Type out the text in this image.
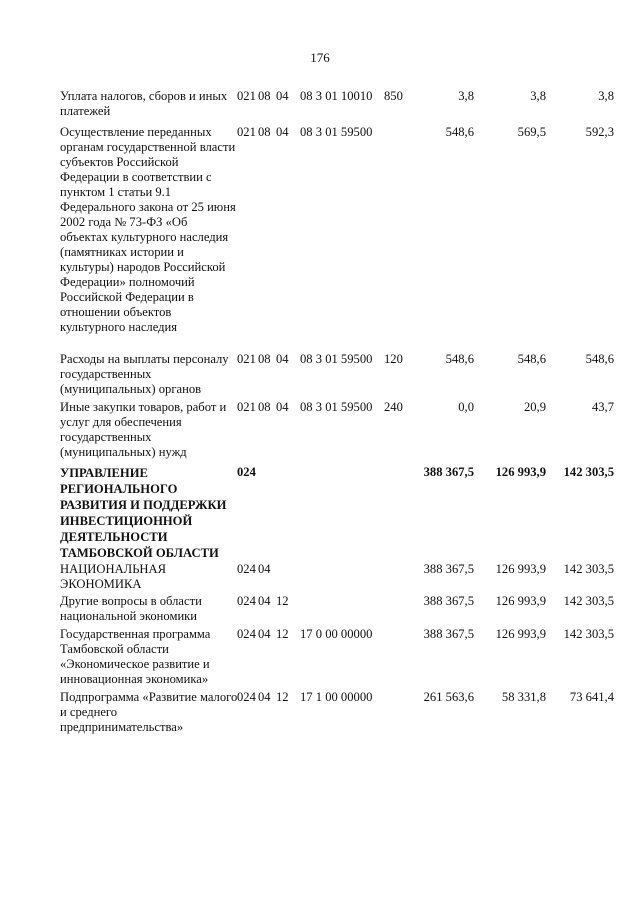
176
Уплата налогов, сборов и иных платежей
021 08 04 08 3 01 10010 850	3,8	3,8	3,8
Осуществление переданных органам государственной власти субъектов Российской Федерации в соответствии с пунктом 1 статьи 9.1 Федерального закона от 25 июня 2002 года № 73-ФЗ «Об объектах культурного наследия (памятниках истории и культуры) народов Российской Федерации» полномочий Российской Федерации в отношении объектов культурного наследия
021 08 04 08 3 01 59500	548,6	569,5	592,3
Расходы на выплаты персоналу государственных (муниципальных) органов
021 08 04 08 3 01 59500 120	548,6	548,6	548,6
Иные закупки товаров, работ и услуг для обеспечения государственных (муниципальных) нужд
021 08 04 08 3 01 59500 240	0,0	20,9	43,7
УПРАВЛЕНИЕ РЕГИОНАЛЬНОГО РАЗВИТИЯ И ПОДДЕРЖКИ ИНВЕСТИЦИОННОЙ ДЕЯТЕЛЬНОСТИ ТАМБОВСКОЙ ОБЛАСТИ
024	388 367,5	126 993,9	142 303,5
НАЦИОНАЛЬНАЯ ЭКОНОМИКА
024 04	388 367,5	126 993,9	142 303,5
Другие вопросы в области национальной экономики
024 04 12	388 367,5	126 993,9	142 303,5
Государственная программа Тамбовской области «Экономическое развитие и инновационная экономика»
024 04 12 17 0 00 00000	388 367,5	126 993,9	142 303,5
Подпрограмма «Развитие малого и среднего предпринимательства»
024 04 12 17 1 00 00000	261 563,6	58 331,8	73 641,4
